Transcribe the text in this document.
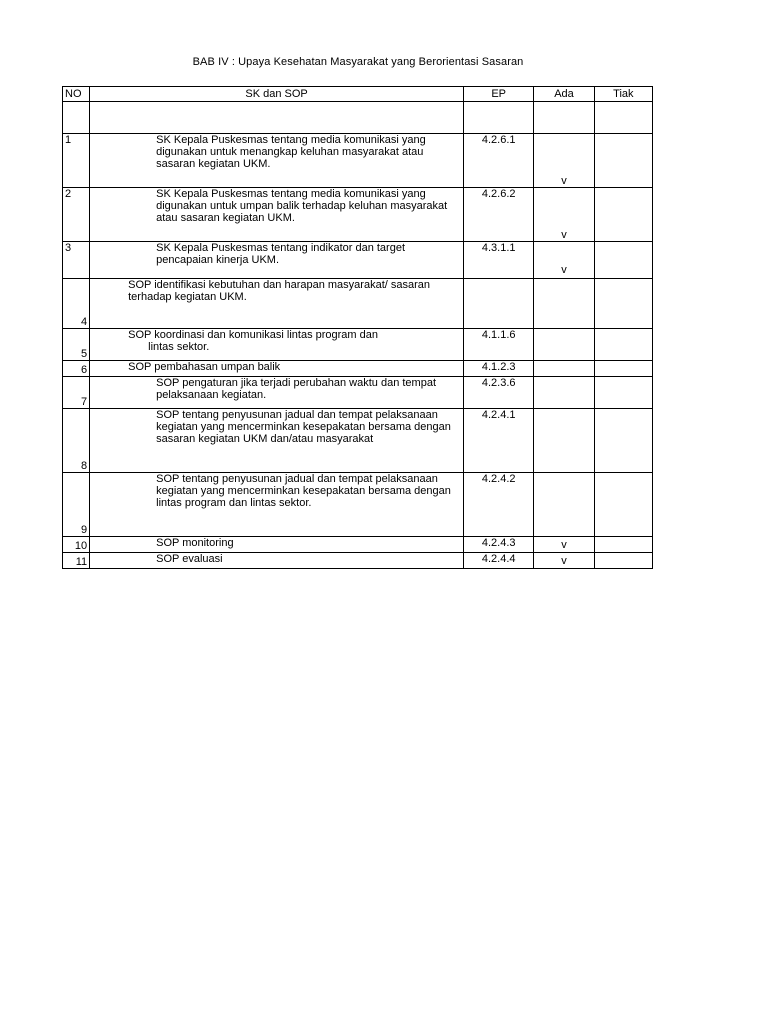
BAB IV : Upaya Kesehatan Masyarakat yang Berorientasi Sasaran
NO	SK dan SOP	EP	Ada	Tiak

1	SK Kepala Puskesmas tentang media komunikasi yang digunakan untuk menangkap keluhan masyarakat atau sasaran kegiatan UKM.	4.2.6.1	v	
2	SK Kepala Puskesmas tentang media komunikasi yang digunakan untuk umpan balik terhadap keluhan masyarakat atau sasaran kegiatan UKM.	4.2.6.2	v	
3	SK Kepala Puskesmas tentang indikator dan target pencapaian kinerja UKM.	4.3.1.1	v	
4	SOP identifikasi kebutuhan dan harapan masyarakat/ sasaran terhadap kegiatan UKM.			
5	SOP koordinasi dan komunikasi lintas program dan
lintas sektor.	4.1.1.6		
6	SOP pembahasan umpan balik	4.1.2.3		
7	SOP pengaturan jika terjadi perubahan waktu dan tempat pelaksanaan kegiatan.	4.2.3.6		
8	SOP tentang penyusunan jadual dan tempat pelaksanaan kegiatan yang mencerminkan kesepakatan bersama dengan sasaran kegiatan UKM dan/atau masyarakat	4.2.4.1		
9	SOP tentang penyusunan jadual dan tempat pelaksanaan kegiatan yang mencerminkan kesepakatan bersama dengan lintas program dan lintas sektor.	4.2.4.2		
10	SOP monitoring	4.2.4.3	v	
11	SOP evaluasi	4.2.4.4	v	
